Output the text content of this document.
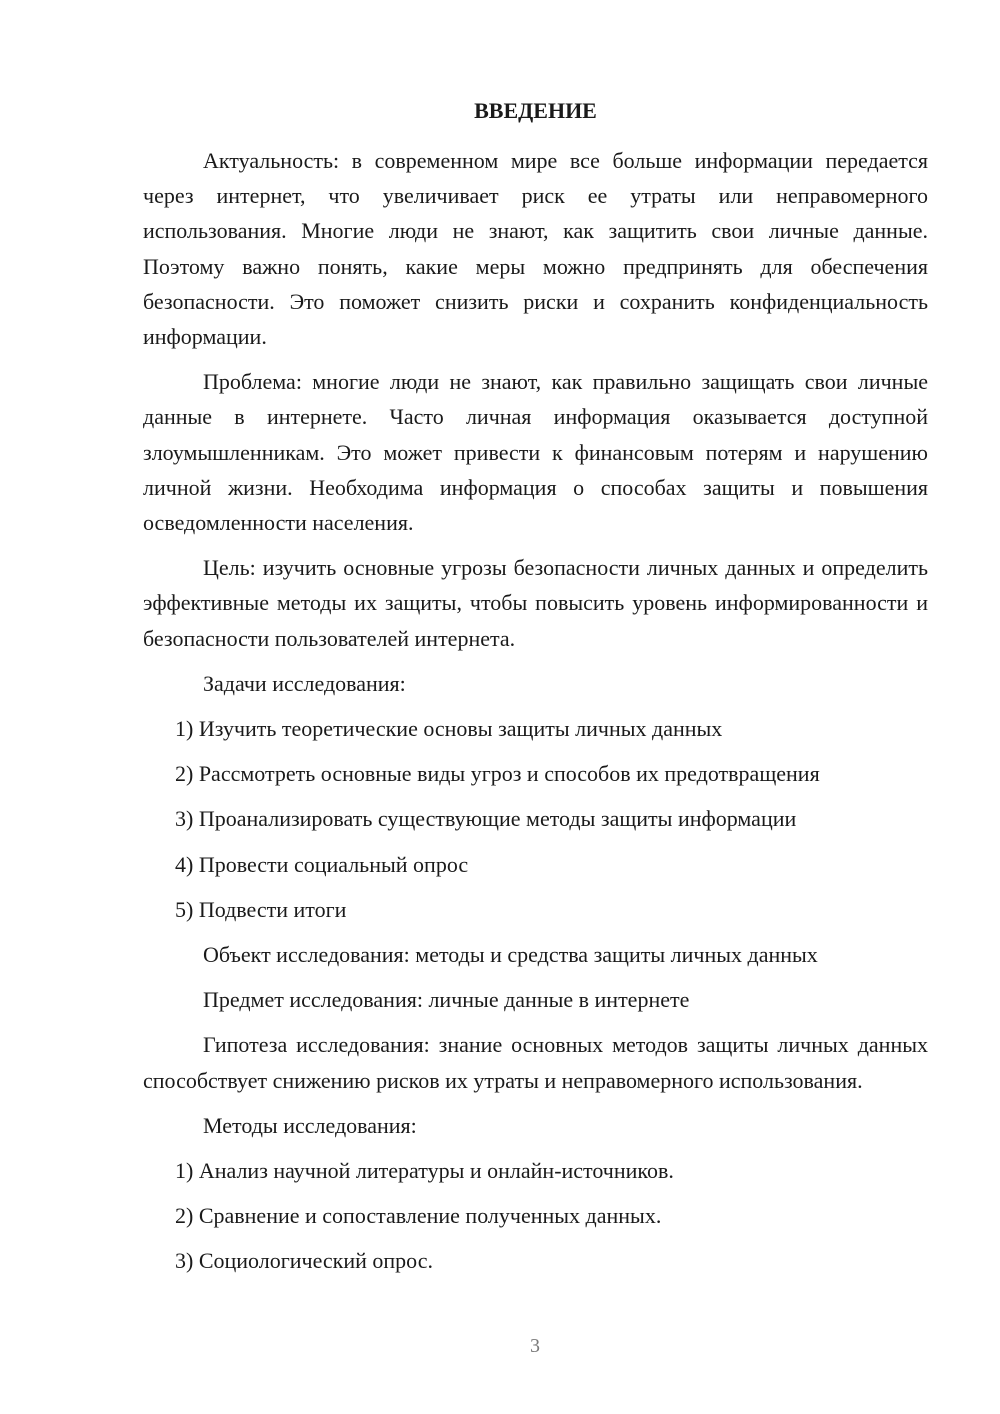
ВВЕДЕНИЕ

Актуальность: в современном мире все больше информации передается через интернет, что увеличивает риск ее утраты или неправомерного использования. Многие люди не знают, как защитить свои личные данные. Поэтому важно понять, какие меры можно предпринять для обеспечения безопасности. Это поможет снизить риски и сохранить конфиденциальность информации.

Проблема: многие люди не знают, как правильно защищать свои личные данные в интернете. Часто личная информация оказывается доступной злоумышленникам. Это может привести к финансовым потерям и нарушению личной жизни. Необходима информация о способах защиты и повышения осведомленности населения.

Цель: изучить основные угрозы безопасности личных данных и определить эффективные методы их защиты, чтобы повысить уровень информированности и безопасности пользователей интернета.

Задачи исследования:

1) Изучить теоретические основы защиты личных данных

2) Рассмотреть основные виды угроз и способов их предотвращения

3) Проанализировать существующие методы защиты информации

4) Провести социальный опрос

5) Подвести итоги

Объект исследования: методы и средства защиты личных данных

Предмет исследования: личные данные в интернете

Гипотеза исследования: знание основных методов защиты личных данных способствует снижению рисков их утраты и неправомерного использования.

Методы исследования:

1) Анализ научной литературы и онлайн-источников.

2) Сравнение и сопоставление полученных данных.

3) Социологический опрос.

3
